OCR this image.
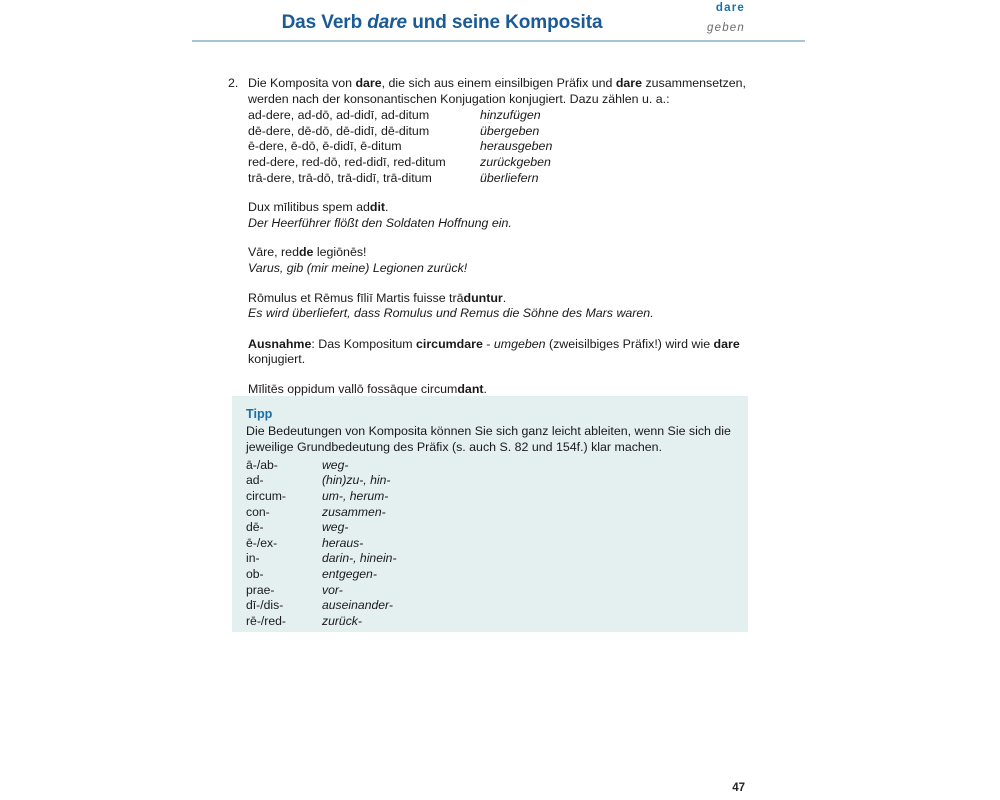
Das Verb dare und seine Komposita
dare
geben
2. Die Komposita von dare, die sich aus einem einsilbigen Präfix und dare zusammensetzen, werden nach der konsonantischen Konjugation konjugiert. Dazu zählen u. a.:

ad-dere, ad-dō, ad-didī, ad-ditum	hinzufügen
dē-dere, dē-dō, dē-didī, dē-ditum	übergeben
ē-dere, ē-dō, ē-didī, ē-ditum	herausgeben
red-dere, red-dō, red-didī, red-ditum	zurückgeben
trā-dere, trā-dō, trā-didī, trā-ditum	überliefern

Dux mīlitibus spem addit.

Der Heerführer flößt den Soldaten Hoffnung ein.

Vāre, redde legiōnēs!

Varus, gib (mir meine) Legionen zurück!

Rōmulus et Rēmus fīliī Martis fuisse trāduntur.

Es wird überliefert, dass Romulus und Remus die Söhne des Mars waren.

Ausnahme: Das Kompositum circumdare - umgeben (zweisilbiges Präfix!) wird wie dare konjugiert.

Mīlitēs oppidum vallō fossāque circumdant.

Tipp

Die Bedeutungen von Komposita können Sie sich ganz leicht ableiten, wenn Sie sich die jeweilige Grundbedeutung des Präfix (s. auch S. 82 und 154f.) klar machen.

ā-/ab-	weg-
ad-	(hin)zu-, hin-
circum-	um-, herum-
con-	zusammen-
dē-	weg-
ē-/ex-	heraus-
in-	darin-, hinein-
ob-	entgegen-
prae-	vor-
dī-/dis-	auseinander-
rē-/red-	zurück-
47
